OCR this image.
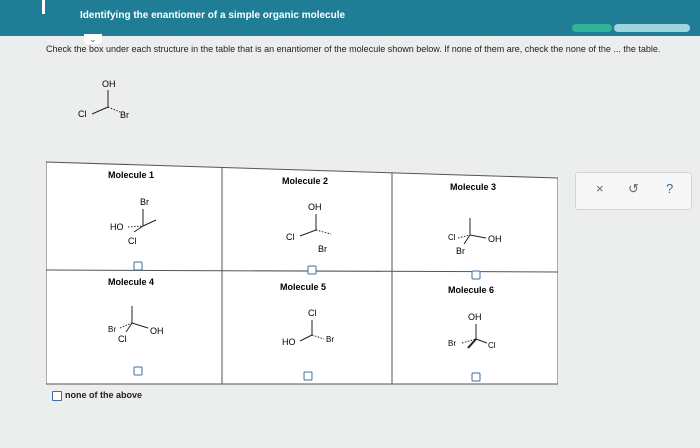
Identifying the enantiomer of a simple organic molecule
⌄
Check the box under each structure in the table that is an enantiomer of the molecule shown below. If none of them are, check the none of the ... the table.
OH
Cl	Br
Molecule 1
Br
HO
Cl
Molecule 2
OH
Cl
Br
Molecule 3
Cl	OH
Br
Molecule 4
Br	OH
Cl
Molecule 5
Cl
HO	Br
Molecule 6
OH
Br	Cl
× ↺ ?
none of the above
